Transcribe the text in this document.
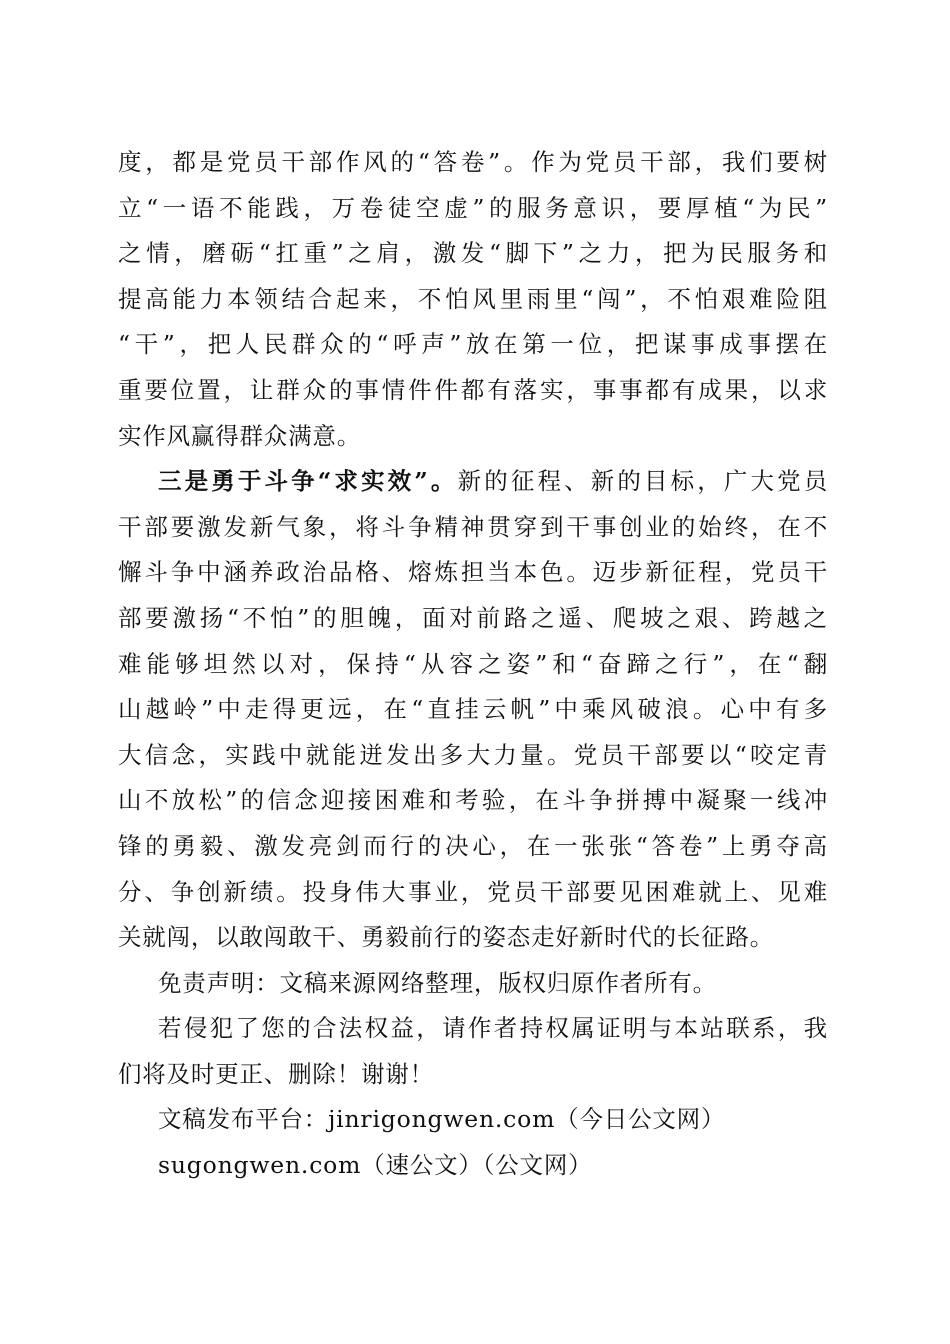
度，都是党员干部作风的“答卷”。作为党员干部，我们要树
立“一语不能践，万卷徒空虚”的服务意识，要厚植“为民”
之情，磨砺“扛重”之肩，激发“脚下”之力，把为民服务和
提高能力本领结合起来，不怕风里雨里“闯”，不怕艰难险阻
“干”，把人民群众的“呼声”放在第一位，把谋事成事摆在
重要位置，让群众的事情件件都有落实，事事都有成果，以求
实作风赢得群众满意。
三是勇于斗争“求实效”。新的征程、新的目标，广大党员
干部要激发新气象，将斗争精神贯穿到干事创业的始终，在不
懈斗争中涵养政治品格、熔炼担当本色。迈步新征程，党员干
部要激扬“不怕”的胆魄，面对前路之遥、爬坡之艰、跨越之
难能够坦然以对，保持“从容之姿”和“奋蹄之行”，在“翻
山越岭”中走得更远，在“直挂云帆”中乘风破浪。心中有多
大信念，实践中就能迸发出多大力量。党员干部要以“咬定青
山不放松”的信念迎接困难和考验，在斗争拼搏中凝聚一线冲
锋的勇毅、激发亮剑而行的决心，在一张张“答卷”上勇夺高
分、争创新绩。投身伟大事业，党员干部要见困难就上、见难
关就闯，以敢闯敢干、勇毅前行的姿态走好新时代的长征路。
免责声明：文稿来源网络整理，版权归原作者所有。
若侵犯了您的合法权益，请作者持权属证明与本站联系，我
们将及时更正、删除！谢谢！
文稿发布平台：jinrigongwen.com（今日公文网）
sugongwen.com（速公文）（公文网）
